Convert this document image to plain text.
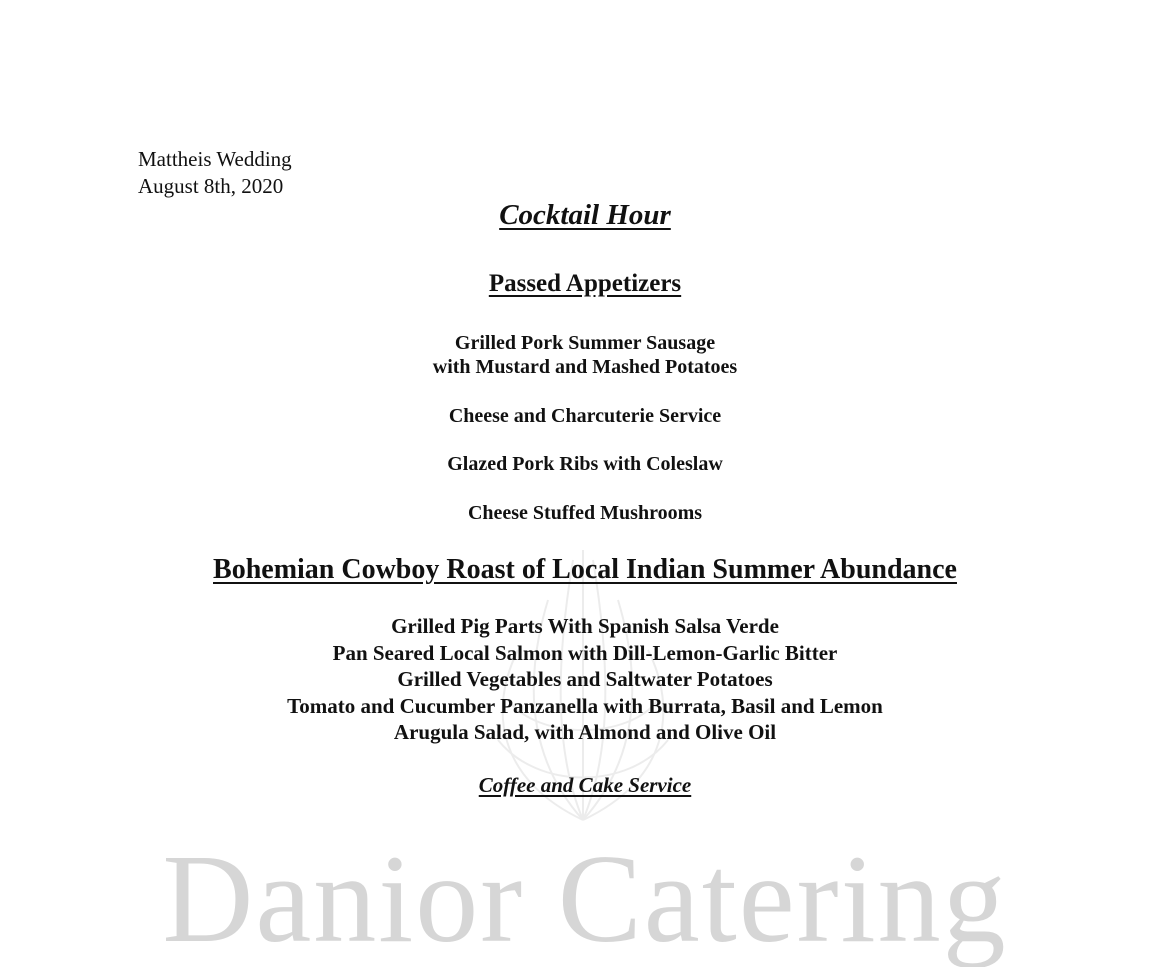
Danior Catering
Mattheis Wedding
August 8th, 2020
Cocktail Hour
Passed Appetizers
Grilled Pork Summer Sausage
with Mustard and Mashed Potatoes
Cheese and Charcuterie Service
Glazed Pork Ribs with Coleslaw
Cheese Stuffed Mushrooms
Bohemian Cowboy Roast of Local Indian Summer Abundance
Grilled Pig Parts With Spanish Salsa Verde
Pan Seared Local Salmon with Dill-Lemon-Garlic Bitter
Grilled Vegetables and Saltwater Potatoes
Tomato and Cucumber Panzanella with Burrata, Basil and Lemon
Arugula Salad, with Almond and Olive Oil
Coffee and Cake Service
